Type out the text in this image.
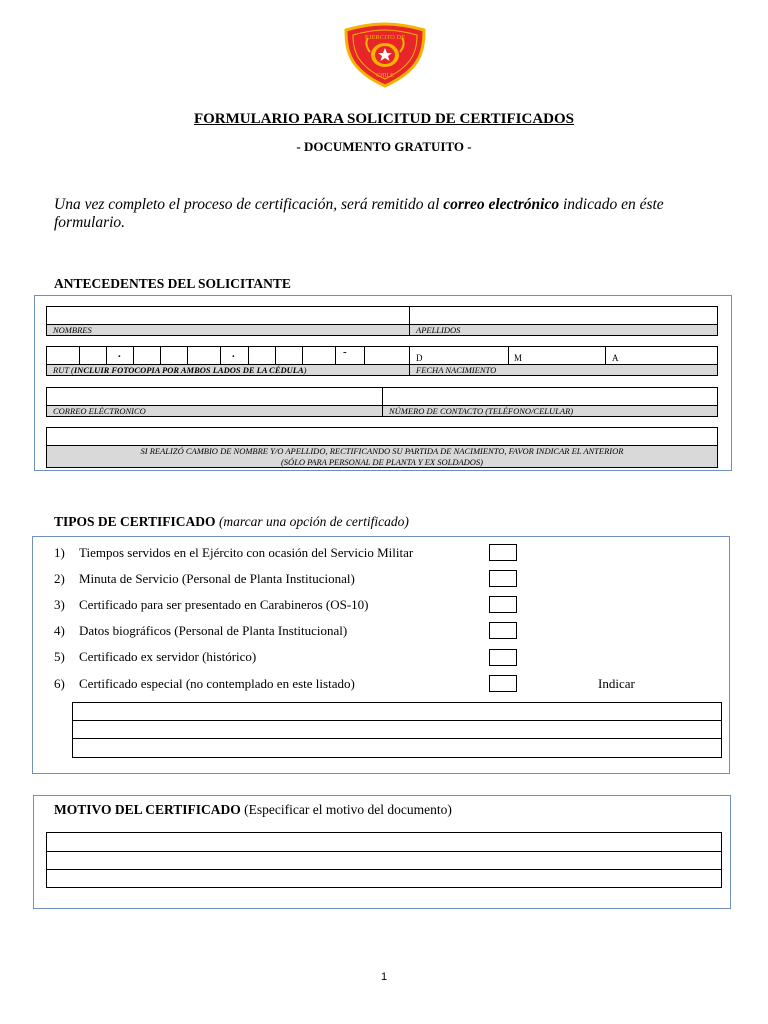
EJERCITO DE
CHILE
FORMULARIO PARA SOLICITUD DE CERTIFICADOS
- DOCUMENTO GRATUITO -
Una vez completo el proceso de certificación, será remitido al correo electrónico indicado en éste formulario.
ANTECEDENTES DEL SOLICITANTE
NOMBRES	APELLIDOS
.	.	-	D	M	A
RUT (INCLUIR FOTOCOPIA POR AMBOS LADOS DE LA CÉDULA)	FECHA NACIMIENTO
CORREO ELÉCTRONICO	NÚMERO DE CONTACTO (TELÉFONO/CELULAR)
SI REALIZÓ CAMBIO DE NOMBRE Y/O APELLIDO, RECTIFICANDO SU PARTIDA DE NACIMIENTO, FAVOR INDICAR EL ANTERIOR
(SÓLO PARA PERSONAL DE PLANTA Y EX SOLDADOS)
TIPOS DE CERTIFICADO (marcar una opción de certificado)
1) Tiempos servidos en el Ejército con ocasión del Servicio Militar
2) Minuta de Servicio (Personal de Planta Institucional)
3) Certificado para ser presentado en Carabineros (OS-10)
4) Datos biográficos (Personal de Planta Institucional)
5) Certificado ex servidor (histórico)
6) Certificado especial (no contemplado en este listado)	Indicar
MOTIVO DEL CERTIFICADO (Especificar el motivo del documento)
1
